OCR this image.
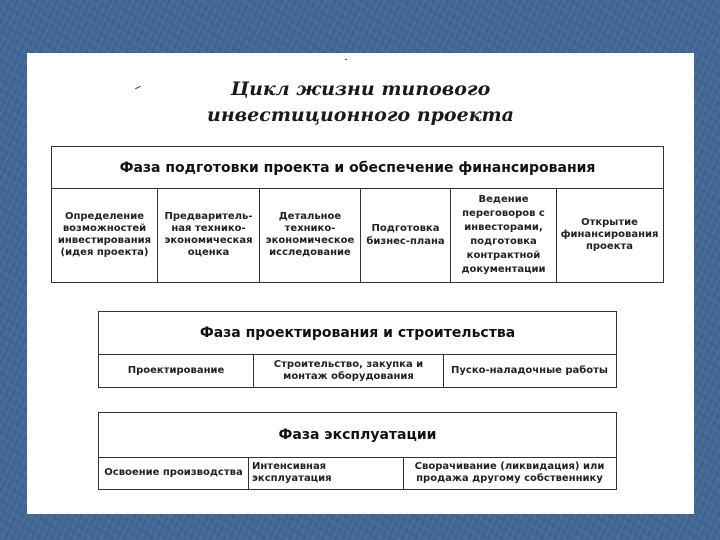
Цикл жизни типового
инвестиционного проекта
Фаза подготовки проекта и обеспечение финансирования
Определение возможностей инвестирования (идея проекта)
Предваритель-ная технико-экономическая оценка
Детальное технико-экономическое исследование
Подготовка бизнес-плана
Ведение переговоров с инвесторами, подготовка контрактной документации
Открытие финансирования проекта
Фаза проектирования и строительства
Проектирование
Строительство, закупка и монтаж оборудования
Пуско-наладочные работы
Фаза эксплуатации
Освоение производства
Интенсивная эксплуатация
Сворачивание (ликвидация) или продажа другому собственнику
